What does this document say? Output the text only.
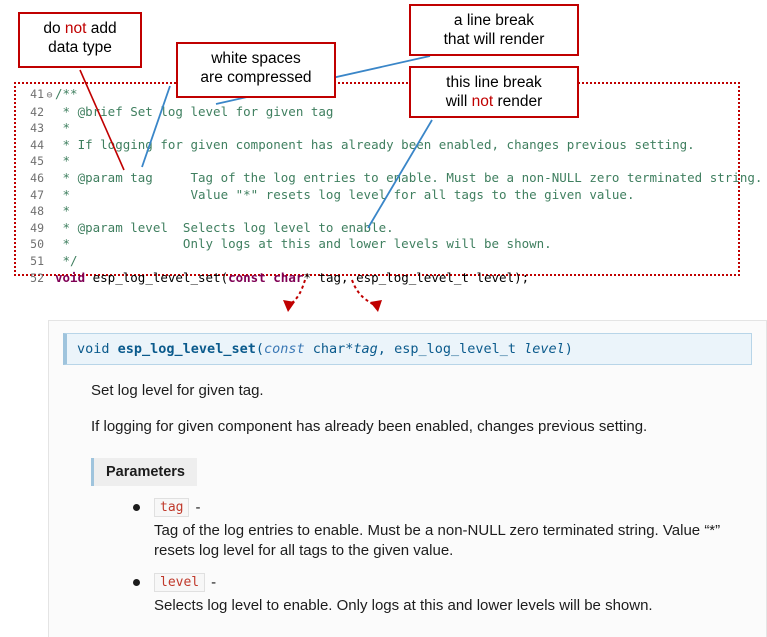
do not add
data type
white spaces
are compressed
a line break
that will render
this line break
will not render
41 ⊖ /**
42 * @brief Set log level for given tag
43 *
44 * If logging for given component has already been enabled, changes previous setting.
45 *
46 * @param tag     Tag of the log entries to enable. Must be a non-NULL zero terminated string.
47 *                Value "*" resets log level for all tags to the given value.
48 *
49 * @param level  Selects log level to enable.
50 *               Only logs at this and lower levels will be shown.
51 */
52 void esp_log_level_set ( const char * tag, esp_log_level_t level);
void esp_log_level_set(const char*tag, esp_log_level_t level)
Set log level for given tag.
If logging for given component has already been enabled, changes previous setting.
Parameters
tag -
Tag of the log entries to enable. Must be a non-NULL zero terminated string. Value “*” resets log level for all tags to the given value.
level -
Selects log level to enable. Only logs at this and lower levels will be shown.
